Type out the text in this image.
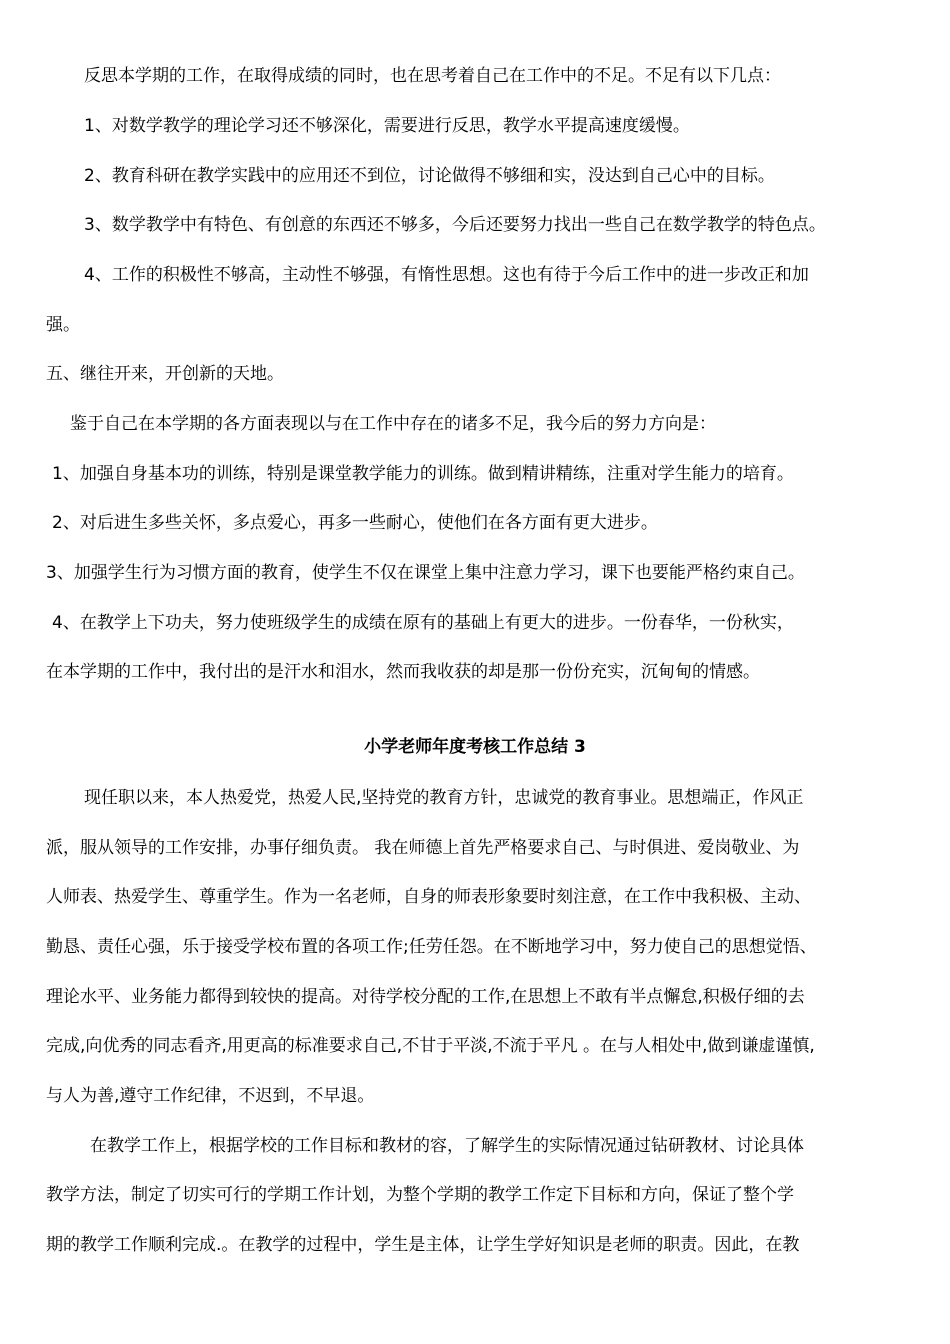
反思本学期的工作，在取得成绩的同时，也在思考着自己在工作中的不足。不足有以下几点：
1、对数学教学的理论学习还不够深化，需要进行反思，教学水平提高速度缓慢。
2、教育科研在教学实践中的应用还不到位，讨论做得不够细和实，没达到自己心中的目标。
3、数学教学中有特色、有创意的东西还不够多，今后还要努力找出一些自己在数学教学的特色点。
4、工作的积极性不够高，主动性不够强，有惰性思想。这也有待于今后工作中的进一步改正和加
强。
五、继往开来，开创新的天地。
鉴于自己在本学期的各方面表现以与在工作中存在的诸多不足，我今后的努力方向是：
1、加强自身基本功的训练，特别是课堂教学能力的训练。做到精讲精练，注重对学生能力的培育。
2、对后进生多些关怀，多点爱心，再多一些耐心，使他们在各方面有更大进步。
3、加强学生行为习惯方面的教育，使学生不仅在课堂上集中注意力学习，课下也要能严格约束自己。
4、在教学上下功夫，努力使班级学生的成绩在原有的基础上有更大的进步。一份春华，一份秋实，
在本学期的工作中，我付出的是汗水和泪水，然而我收获的却是那一份份充实，沉甸甸的情感。
小学老师年度考核工作总结 3
现任职以来，本人热爱党，热爱人民,坚持党的教育方针，忠诚党的教育事业。思想端正，作风正
派，服从领导的工作安排，办事仔细负责。 我在师德上首先严格要求自己、与时俱进、爱岗敬业、为
人师表、热爱学生、尊重学生。作为一名老师，自身的师表形象要时刻注意，在工作中我积极、主动、
勤恳、责任心强，乐于接受学校布置的各项工作;任劳任怨。在不断地学习中，努力使自己的思想觉悟、
理论水平、业务能力都得到较快的提高。对待学校分配的工作,在思想上不敢有半点懈怠,积极仔细的去
完成,向优秀的同志看齐,用更高的标准要求自己,不甘于平淡,不流于平凡 。在与人相处中,做到谦虚谨慎,
与人为善,遵守工作纪律，不迟到，不早退。
在教学工作上，根据学校的工作目标和教材的容，了解学生的实际情况通过钻研教材、讨论具体
教学方法，制定了切实可行的学期工作计划，为整个学期的教学工作定下目标和方向，保证了整个学
期的教学工作顺利完成.。在教学的过程中，学生是主体，让学生学好知识是老师的职责。因此，在教
